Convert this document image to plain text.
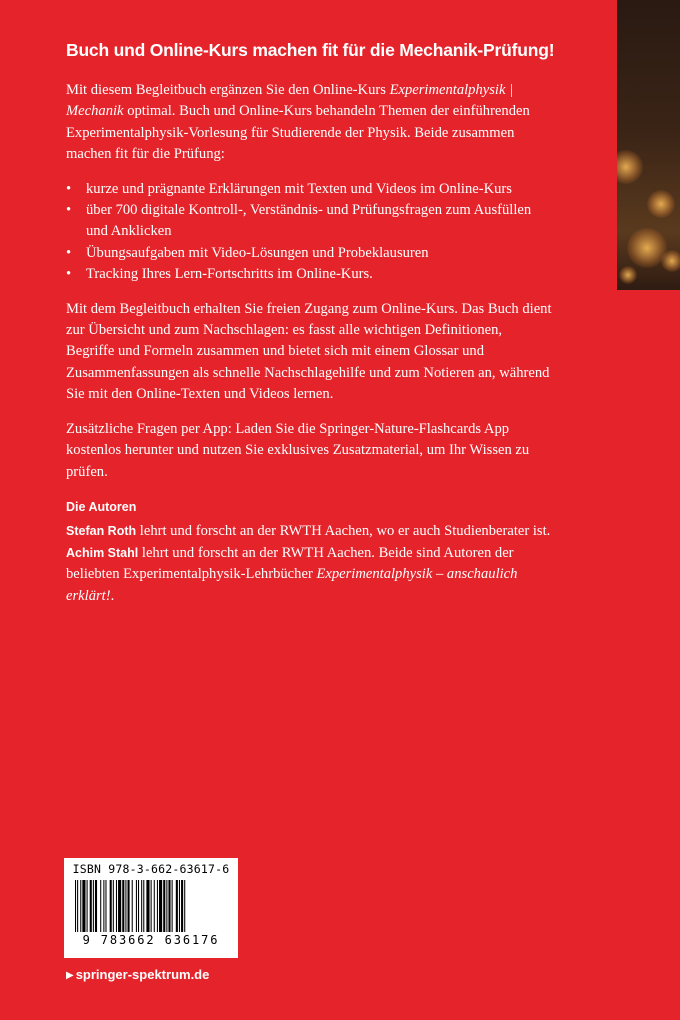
Buch und Online-Kurs machen fit für die Mechanik-Prüfung!

Mit diesem Begleitbuch ergänzen Sie den Online-Kurs Experimentalphysik | Mechanik optimal. Buch und Online-Kurs behandeln Themen der einführenden Experimentalphysik-Vorlesung für Studierende der Physik. Beide zusammen machen fit für die Prüfung:

• kurze und prägnante Erklärungen mit Texten und Videos im Online-Kurs
• über 700 digitale Kontroll-, Verständnis- und Prüfungsfragen zum Ausfüllen und Anklicken
• Übungsaufgaben mit Video-Lösungen und Probeklausuren
• Tracking Ihres Lern-Fortschritts im Online-Kurs.

Mit dem Begleitbuch erhalten Sie freien Zugang zum Online-Kurs. Das Buch dient zur Übersicht und zum Nachschlagen: es fasst alle wichtigen Definitionen, Begriffe und Formeln zusammen und bietet sich mit einem Glossar und Zusammenfassungen als schnelle Nachschlagehilfe und zum Notieren an, während Sie mit den Online-Texten und Videos lernen.

Zusätzliche Fragen per App: Laden Sie die Springer-Nature-Flashcards App kostenlos herunter und nutzen Sie exklusives Zusatzmaterial, um Ihr Wissen zu prüfen.

Die Autoren
Stefan Roth lehrt und forscht an der RWTH Aachen, wo er auch Studienberater ist.
Achim Stahl lehrt und forscht an der RWTH Aachen. Beide sind Autoren der beliebten Experimentalphysik-Lehrbücher Experimentalphysik – anschaulich erklärt!.
ISBN 978-3-662-63617-6
9 783662 636176
▶ springer-spektrum.de
